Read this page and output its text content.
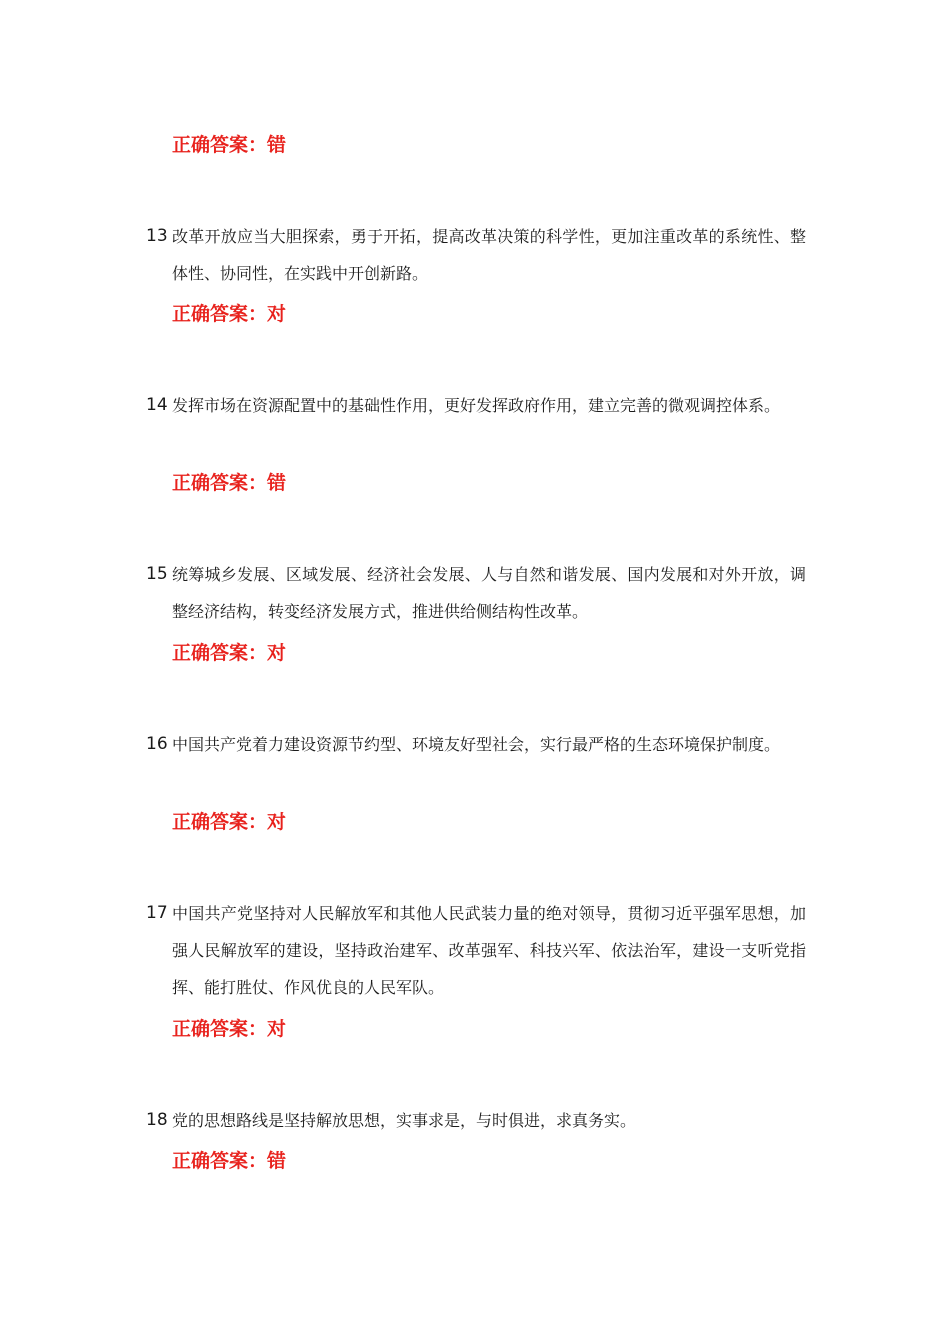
正确答案：错
13 改革开放应当大胆探索，勇于开拓，提高改革决策的科学性，更加注重改革的系统性、整体性、协同性，在实践中开创新路。
正确答案：对
14 发挥市场在资源配置中的基础性作用，更好发挥政府作用，建立完善的微观调控体系。
正确答案：错
15 统筹城乡发展、区域发展、经济社会发展、人与自然和谐发展、国内发展和对外开放，调整经济结构，转变经济发展方式，推进供给侧结构性改革。
正确答案：对
16 中国共产党着力建设资源节约型、环境友好型社会，实行最严格的生态环境保护制度。
正确答案：对
17 中国共产党坚持对人民解放军和其他人民武装力量的绝对领导，贯彻习近平强军思想，加强人民解放军的建设，坚持政治建军、改革强军、科技兴军、依法治军，建设一支听党指挥、能打胜仗、作风优良的人民军队。
正确答案：对
18 党的思想路线是坚持解放思想，实事求是，与时俱进，求真务实。
正确答案：错
